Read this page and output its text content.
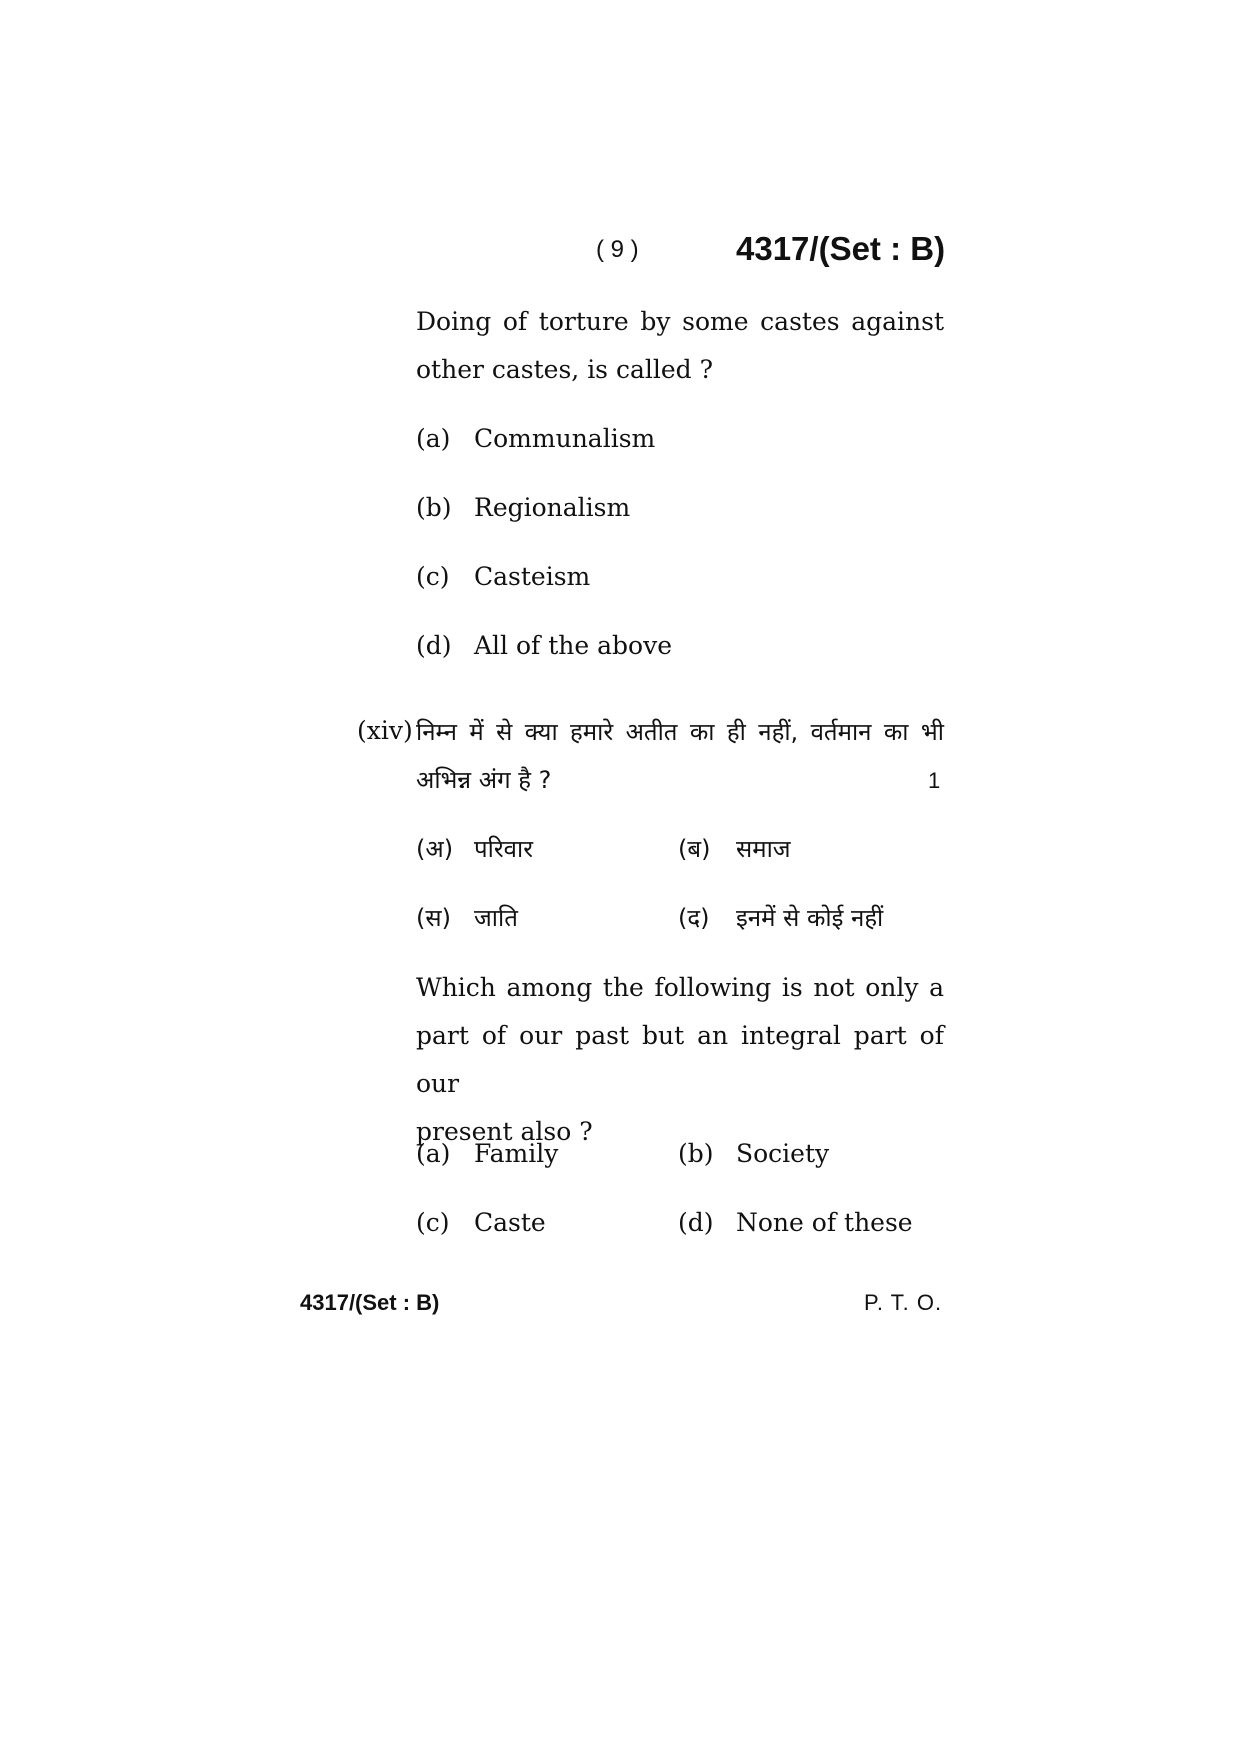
( 9 )	4317/(Set : B)
Doing of torture by some castes against
other castes, is called ?
(a) Communalism
(b) Regionalism
(c) Casteism
(d) All of the above
(xiv) निम्न में से क्या हमारे अतीत का ही नहीं, वर्तमान का भी
अभिन्न अंग है ?	1
(अ) परिवार	(ब) समाज
(स) जाति	(द) इनमें से कोई नहीं
Which among the following is not only a
part of our past but an integral part of our
present also ?
(a) Family	(b) Society
(c) Caste	(d) None of these
4317/(Set : B)	P. T. O.
